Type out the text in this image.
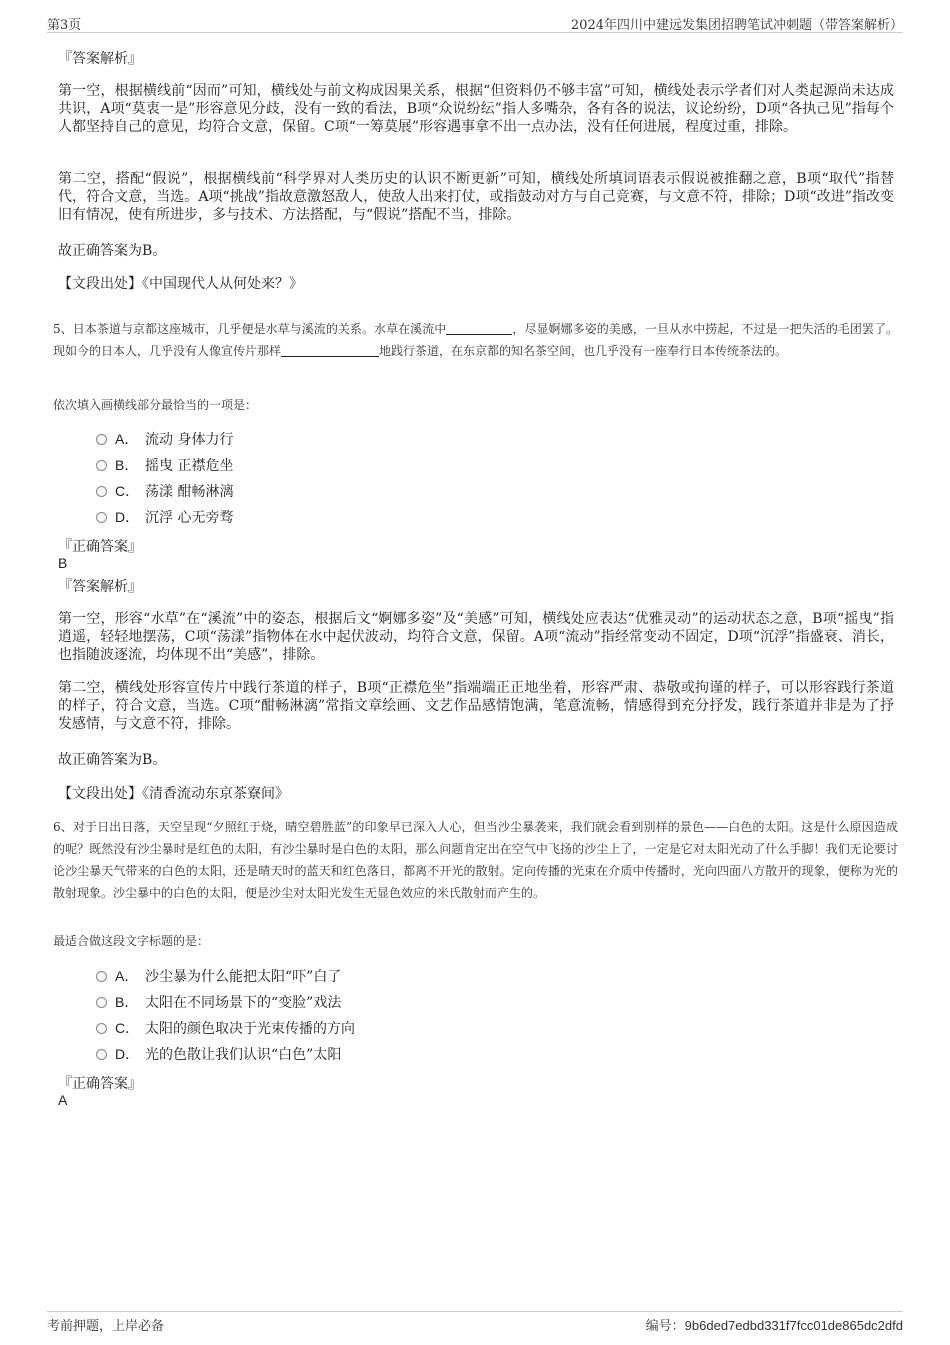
第3页	2024年四川中建远发集团招聘笔试冲刺题（带答案解析）
『答案解析』
第一空，根据横线前“因而”可知，横线处与前文构成因果关系，根据“但资料仍不够丰富”可知，横线处表示学者们对人类起源尚未达成共识，A项“莫衷一是”形容意见分歧，没有一致的看法，B项“众说纷纭”指人多嘴杂，各有各的说法，议论纷纷，D项“各执己见”指每个人都坚持自己的意见，均符合文意，保留。C项“一筹莫展”形容遇事拿不出一点办法，没有任何进展，程度过重，排除。
第二空，搭配“假说”，根据横线前“科学界对人类历史的认识不断更新”可知，横线处所填词语表示假说被推翻之意，B项“取代”指替代，符合文意，当选。A项“挑战”指故意激怒敌人，使敌人出来打仗，或指鼓动对方与自己竞赛，与文意不符，排除；D项“改进”指改变旧有情况，使有所进步，多与技术、方法搭配，与“假说”搭配不当，排除。
故正确答案为B。
【文段出处】《中国现代人从何处来？》
5、日本茶道与京都这座城市，几乎便是水草与溪流的关系。水草在溪流中	，尽显婀娜多姿的美感，一旦从水中捞起，不过是一把失活的毛团罢了。现如今的日本人，几乎没有人像宣传片那样	地践行茶道，在东京都的知名茶空间，也几乎没有一座奉行日本传统茶法的。
依次填入画横线部分最恰当的一项是：
A． 流动 身体力行
B． 摇曳 正襟危坐
C． 荡漾 酣畅淋漓
D． 沉浮 心无旁骛
『正确答案』
B
『答案解析』
第一空，形容“水草”在“溪流”中的姿态，根据后文“婀娜多姿”及“美感”可知，横线处应表达“优雅灵动”的运动状态之意，B项“摇曳”指逍遥，轻轻地摆荡，C项“荡漾”指物体在水中起伏波动，均符合文意，保留。A项“流动”指经常变动不固定，D项“沉浮”指盛衰、消长，也指随波逐流，均体现不出“美感”，排除。
第二空，横线处形容宣传片中践行茶道的样子，B项“正襟危坐”指端端正正地坐着，形容严肃、恭敬或拘谨的样子，可以形容践行茶道的样子，符合文意，当选。C项“酣畅淋漓”常指文章绘画、文艺作品感情饱满，笔意流畅，情感得到充分抒发，践行茶道并非是为了抒发感情，与文意不符，排除。
故正确答案为B。
【文段出处】《清香流动东京茶寮间》
6、对于日出日落，天空呈现“夕照红于烧，晴空碧胜蓝”的印象早已深入人心，但当沙尘暴袭来，我们就会看到别样的景色——白色的太阳。这是什么原因造成的呢？既然没有沙尘暴时是红色的太阳，有沙尘暴时是白色的太阳，那么问题肯定出在空气中飞扬的沙尘上了，一定是它对太阳光动了什么手脚！我们无论要讨论沙尘暴天气带来的白色的太阳，还是晴天时的蓝天和红色落日，都离不开光的散射。定向传播的光束在介质中传播时，光向四面八方散开的现象，便称为光的散射现象。沙尘暴中的白色的太阳，便是沙尘对太阳光发生无显色效应的米氏散射而产生的。
最适合做这段文字标题的是：
A． 沙尘暴为什么能把太阳“吓”白了
B． 太阳在不同场景下的“变脸”戏法
C． 太阳的颜色取决于光束传播的方向
D． 光的色散让我们认识“白色”太阳
『正确答案』
A
考前押题，上岸必备	编号：9b6ded7edbd331f7fcc01de865dc2dfd
